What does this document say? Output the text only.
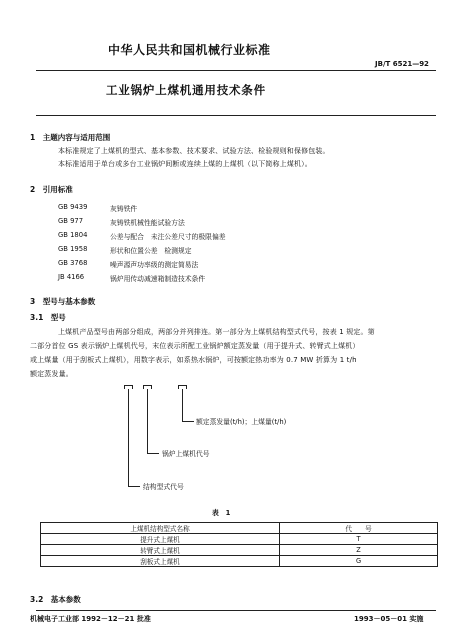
中华人民共和国机械行业标准
JB/T 6521—92
工业锅炉上煤机通用技术条件
1　主题内容与适用范围
本标准规定了上煤机的型式、基本参数、技术要求、试验方法、检验规则和保修包装。
本标准适用于单台或多台工业锅炉间断或连续上煤的上煤机（以下简称上煤机）。
2　引用标准
GB 9439	灰铸铁件
GB 977	灰铸铁机械性能试验方法
GB 1804	公差与配合　未注公差尺寸的极限偏差
GB 1958	形状和位置公差　检测规定
GB 3768	噪声源声功率级的测定简易法
JB 4166	锅炉用传动减速箱制造技术条件
3　型号与基本参数
3.1　型号
上煤机产品型号由两部分组成，两部分并列排连。第一部分为上煤机结构型式代号，按表 1 规定。第
二部分首位 GS 表示锅炉上煤机代号，末位表示所配工业锅炉额定蒸发量（用于提升式、转臂式上煤机）
或上煤量（用于刮板式上煤机），用数字表示，如系热水锅炉，可按额定热功率为 0.7 MW 折算为 1 t/h
额定蒸发量。
额定蒸发量(t/h)；上煤量(t/h)
锅炉上煤机代号
结构型式代号
表　1
上煤机结构型式名称	代　　号
提升式上煤机	T
转臂式上煤机	Z
刮板式上煤机	G
3.2　基本参数
机械电子工业部 1992－12－21 批准	1993－05－01 实施
